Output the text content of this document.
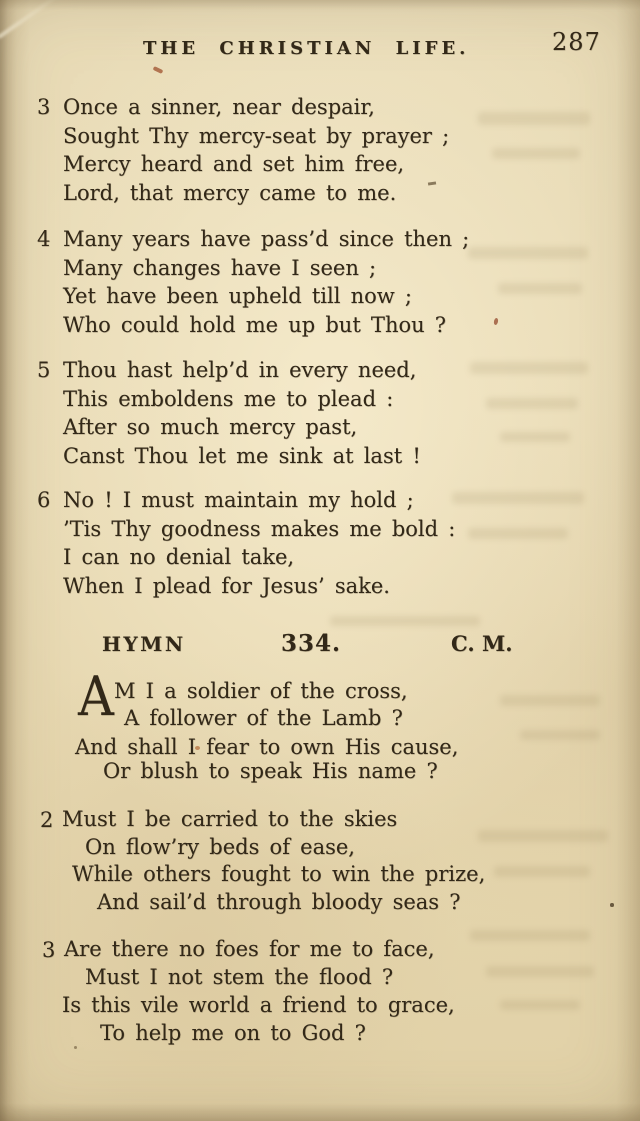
THE CHRISTIAN LIFE.	287
3 Once a sinner, near despair,
Sought Thy mercy-seat by prayer ;
Mercy heard and set him free,
Lord, that mercy came to me.
4 Many years have pass’d since then ;
Many changes have I seen ;
Yet have been upheld till now ;
Who could hold me up but Thou ?
5 Thou hast help’d in every need,
This emboldens me to plead :
After so much mercy past,
Canst Thou let me sink at last !
6 No ! I must maintain my hold ;
’Tis Thy goodness makes me bold :
I can no denial take,
When I plead for Jesus’ sake.
HYMN	334.	C. M.
A M I a soldier of the cross,
A follower of the Lamb ?
And shall I fear to own His cause,
Or blush to speak His name ?
2 Must I be carried to the skies
On flow’ry beds of ease,
While others fought to win the prize,
And sail’d through bloody seas ?
3 Are there no foes for me to face,
Must I not stem the flood ?
Is this vile world a friend to grace,
To help me on to God ?
